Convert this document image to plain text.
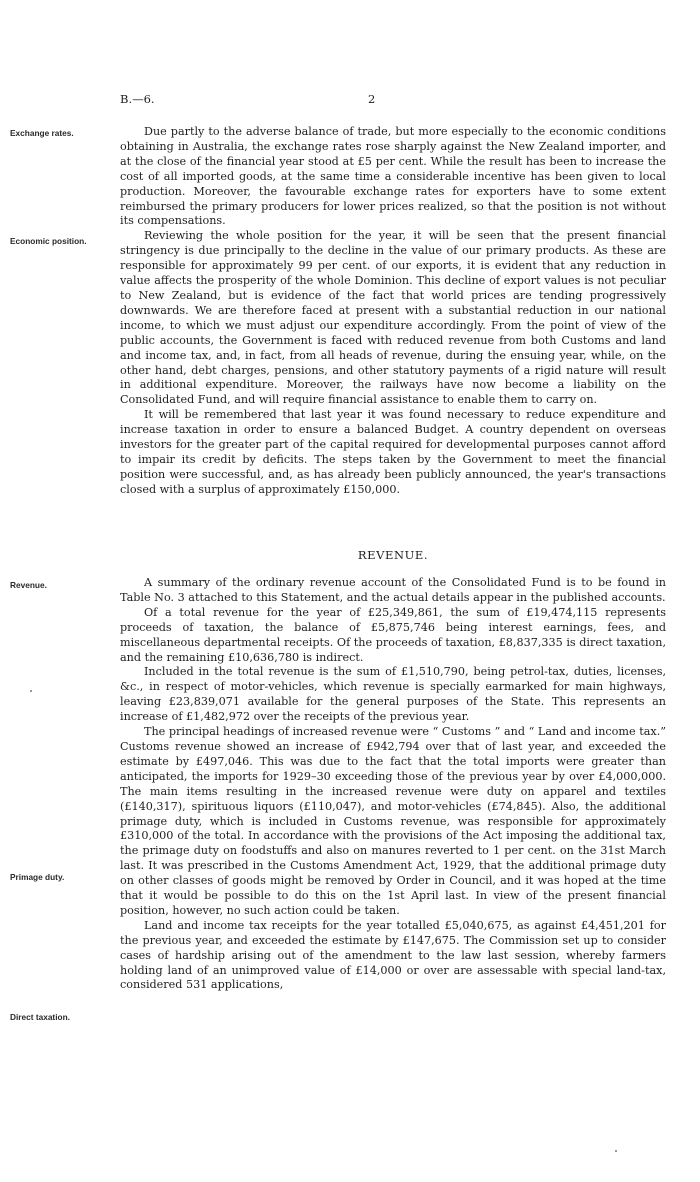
B.—6.	2
Exchange rates.
Economic position.
Revenue.
Primage duty.
Direct taxation.

Due partly to the adverse balance of trade, but more especially to the economic conditions obtaining in Australia, the exchange rates rose sharply against the New Zealand importer, and at the close of the financial year stood at £5 per cent. While the result has been to increase the cost of all imported goods, at the same time a considerable incentive has been given to local production. Moreover, the favourable exchange rates for exporters have to some extent reimbursed the primary producers for lower prices realized, so that the position is not without its compensations.

Reviewing the whole position for the year, it will be seen that the present financial stringency is due principally to the decline in the value of our primary products. As these are responsible for approximately 99 per cent. of our exports, it is evident that any reduction in value affects the prosperity of the whole Dominion. This decline of export values is not peculiar to New Zealand, but is evidence of the fact that world prices are tending progressively downwards. We are therefore faced at present with a substantial reduction in our national income, to which we must adjust our expenditure accordingly. From the point of view of the public accounts, the Government is faced with reduced revenue from both Customs and land and income tax, and, in fact, from all heads of revenue, during the ensuing year, while, on the other hand, debt charges, pensions, and other statutory payments of a rigid nature will result in additional expenditure. Moreover, the railways have now become a liability on the Consolidated Fund, and will require financial assistance to enable them to carry on.

It will be remembered that last year it was found necessary to reduce expenditure and increase taxation in order to ensure a balanced Budget. A country dependent on overseas investors for the greater part of the capital required for developmental purposes cannot afford to impair its credit by deficits. The steps taken by the Government to meet the financial position were successful, and, as has already been publicly announced, the year's transactions closed with a surplus of approximately £150,000.

REVENUE.

A summary of the ordinary revenue account of the Consolidated Fund is to be found in Table No. 3 attached to this Statement, and the actual details appear in the published accounts.

Of a total revenue for the year of £25,349,861, the sum of £19,474,115 represents proceeds of taxation, the balance of £5,875,746 being interest earnings, fees, and miscellaneous departmental receipts. Of the proceeds of taxation, £8,837,335 is direct taxation, and the remaining £10,636,780 is indirect.

Included in the total revenue is the sum of £1,510,790, being petrol-tax, duties, licenses, &c., in respect of motor-vehicles, which revenue is specially earmarked for main highways, leaving £23,839,071 available for the general purposes of the State. This represents an increase of £1,482,972 over the receipts of the previous year.

The principal headings of increased revenue were “ Customs ” and “ Land and income tax.” Customs revenue showed an increase of £942,794 over that of last year, and exceeded the estimate by £497,046. This was due to the fact that the total imports were greater than anticipated, the imports for 1929–30 exceeding those of the previous year by over £4,000,000. The main items resulting in the increased revenue were duty on apparel and textiles (£140,317), spirituous liquors (£110,047), and motor-vehicles (£74,845). Also, the additional primage duty, which is included in Customs revenue, was responsible for approximately £310,000 of the total. In accordance with the provisions of the Act imposing the additional tax, the primage duty on foodstuffs and also on manures reverted to 1 per cent. on the 31st March last. It was prescribed in the Customs Amendment Act, 1929, that the additional primage duty on other classes of goods might be removed by Order in Council, and it was hoped at the time that it would be possible to do this on the 1st April last. In view of the present financial position, however, no such action could be taken.

Land and income tax receipts for the year totalled £5,040,675, as against £4,451,201 for the previous year, and exceeded the estimate by £147,675. The Commission set up to consider cases of hardship arising out of the amendment to the law last session, whereby farmers holding land of an unimproved value of £14,000 or over are assessable with special land-tax, considered 531 applications,
